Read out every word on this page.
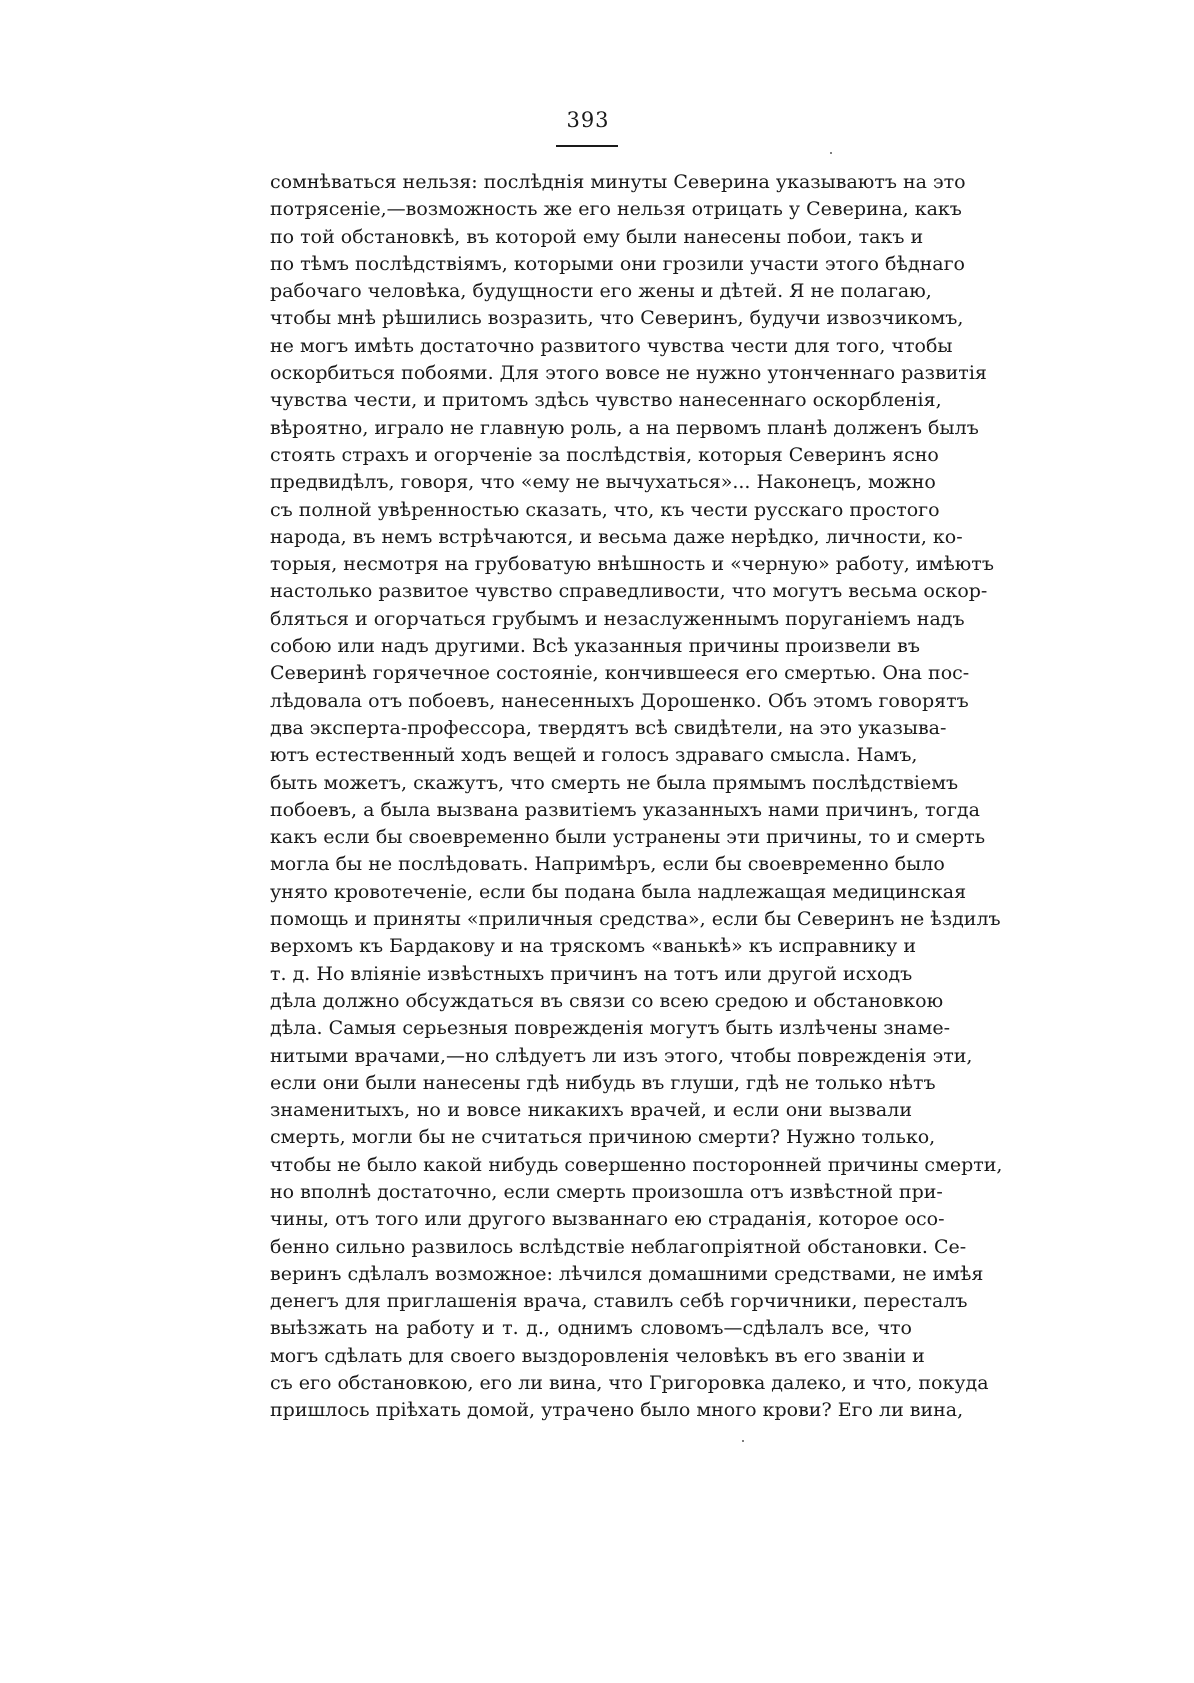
393
сомнѣваться нельзя: послѣднія минуты Северина указываютъ на это
потрясеніе,—возможность же его нельзя отрицать у Северина, какъ
по той обстановкѣ, въ которой ему были нанесены побои, такъ и
по тѣмъ послѣдствіямъ, которыми они грозили участи этого бѣднаго
рабочаго человѣка, будущности его жены и дѣтей. Я не полагаю,
чтобы мнѣ рѣшились возразить, что Северинъ, будучи извозчикомъ,
не могъ имѣть достаточно развитого чувства чести для того, чтобы
оскорбиться побоями. Для этого вовсе не нужно утонченнаго развитія
чувства чести, и притомъ здѣсь чувство нанесеннаго оскорбленія,
вѣроятно, играло не главную роль, а на первомъ планѣ долженъ былъ
стоять страхъ и огорченіе за послѣдствія, которыя Северинъ ясно
предвидѣлъ, говоря, что «ему не вычухаться»... Наконецъ, можно
съ полной увѣренностью сказать, что, къ чести русскаго простого
народа, въ немъ встрѣчаются, и весьма даже нерѣдко, личности, ко-
торыя, несмотря на грубоватую внѣшность и «черную» работу, имѣютъ
настолько развитое чувство справедливости, что могутъ весьма оскор-
бляться и огорчаться грубымъ и незаслуженнымъ поруганіемъ надъ
собою или надъ другими. Всѣ указанныя причины произвели въ
Северинѣ горячечное состояніе, кончившееся его смертью. Она пос-
лѣдовала отъ побоевъ, нанесенныхъ Дорошенко. Объ этомъ говорятъ
два эксперта-профессора, твердятъ всѣ свидѣтели, на это указыва-
ютъ естественный ходъ вещей и голосъ здраваго смысла. Намъ,
быть можетъ, скажутъ, что смерть не была прямымъ послѣдствіемъ
побоевъ, а была вызвана развитіемъ указанныхъ нами причинъ, тогда
какъ если бы своевременно были устранены эти причины, то и смерть
могла бы не послѣдовать. Напримѣръ, если бы своевременно было
унято кровотеченіе, если бы подана была надлежащая медицинская
помощь и приняты «приличныя средства», если бы Северинъ не ѣздилъ
верхомъ къ Бардакову и на тряскомъ «ванькѣ» къ исправнику и
т. д. Но вліяніе извѣстныхъ причинъ на тотъ или другой исходъ
дѣла должно обсуждаться въ связи со всею средою и обстановкою
дѣла. Самыя серьезныя поврежденія могутъ быть излѣчены знаме-
нитыми врачами,—но слѣдуетъ ли изъ этого, чтобы поврежденія эти,
если они были нанесены гдѣ нибудь въ глуши, гдѣ не только нѣтъ
знаменитыхъ, но и вовсе никакихъ врачей, и если они вызвали
смерть, могли бы не считаться причиною смерти? Нужно только,
чтобы не было какой нибудь совершенно посторонней причины смерти,
но вполнѣ достаточно, если смерть произошла отъ извѣстной при-
чины, отъ того или другого вызваннаго ею страданія, которое осо-
бенно сильно развилось вслѣдствіе неблагопріятной обстановки. Се-
веринъ сдѣлалъ возможное: лѣчился домашними средствами, не имѣя
денегъ для приглашенія врача, ставилъ себѣ горчичники, пересталъ
выѣзжать на работу и т. д., однимъ словомъ—сдѣлалъ все, что
могъ сдѣлать для своего выздоровленія человѣкъ въ его званіи и
съ его обстановкою, его ли вина, что Григоровка далеко, и что, покуда
пришлось пріѣхать домой, утрачено было много крови? Его ли вина,
